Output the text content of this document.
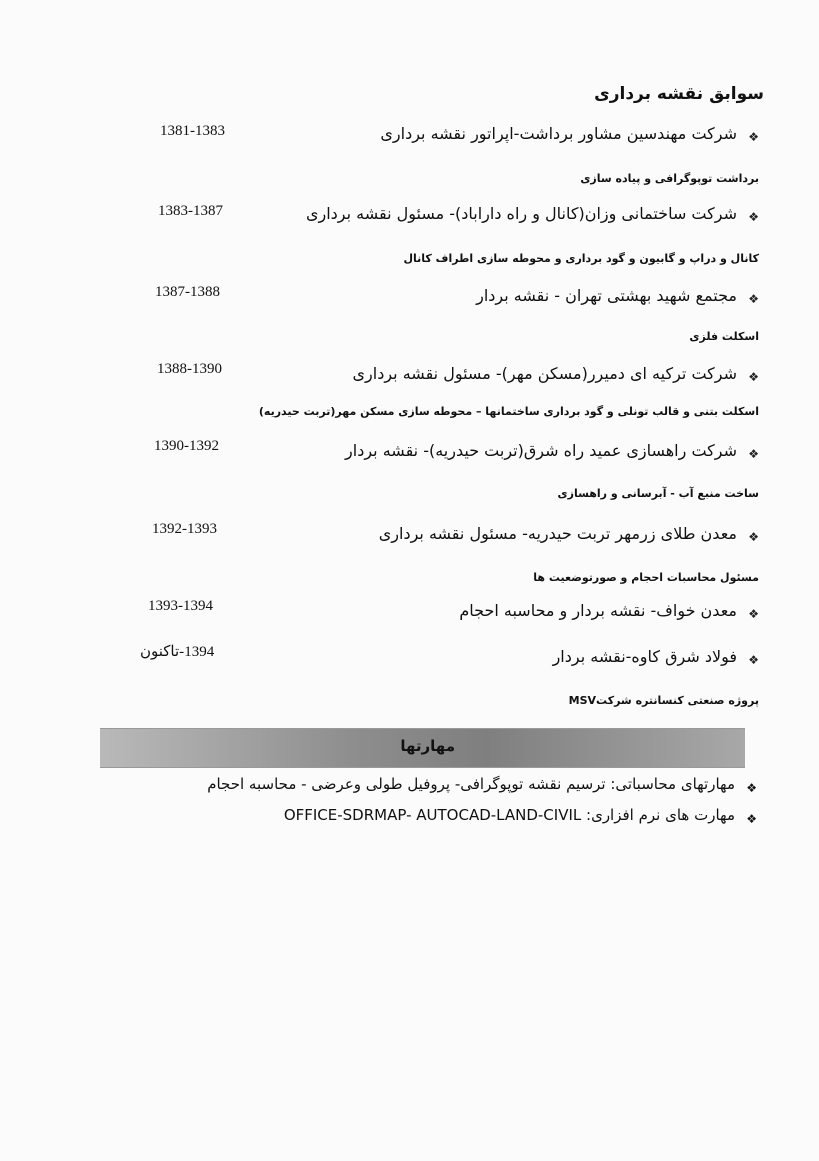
سوابق نقشه برداری
❖
شرکت مهندسین مشاور برداشت-اپراتور نقشه برداری
1381-1383
برداشت توپوگرافی و پیاده سازی
❖
شرکت ساختمانی وزان(کانال و راه داراباد)- مسئول نقشه برداری
1383-1387
کانال و دراپ و گابیون و گود برداری و محوطه سازی اطراف کانال
❖
مجتمع شهید بهشتی تهران - نقشه بردار
1387-1388
اسکلت فلزی
❖
شرکت ترکیه ای دمیرر(مسکن مهر)- مسئول نقشه برداری
1388-1390
اسکلت بتنی و قالب تونلی و گود برداری ساختمانها – محوطه سازی مسکن مهر(تربت حیدریه)
❖
شرکت راهسازی عمید راه شرق(تربت حیدریه)- نقشه بردار
1390-1392
ساخت منبع آب - آبرسانی و راهسازی
❖
معدن طلای زرمهر تربت حیدریه- مسئول نقشه برداری
1392-1393
مسئول محاسبات احجام و صورتوضعیت ها
❖
معدن خواف- نقشه بردار و محاسبه احجام
1393-1394
❖
فولاد شرق کاوه-نقشه بردار
1394-تاکنون
پروژه صنعتی کنسانتره شرکتMSV
مهارتها
❖
مهارتهای محاسباتی: ترسیم نقشه توپوگرافی- پروفیل طولی وعرضی - محاسبه احجام
❖
مهارت های نرم افزاری: OFFICE-SDRMAP- AUTOCAD-LAND-CIVIL
